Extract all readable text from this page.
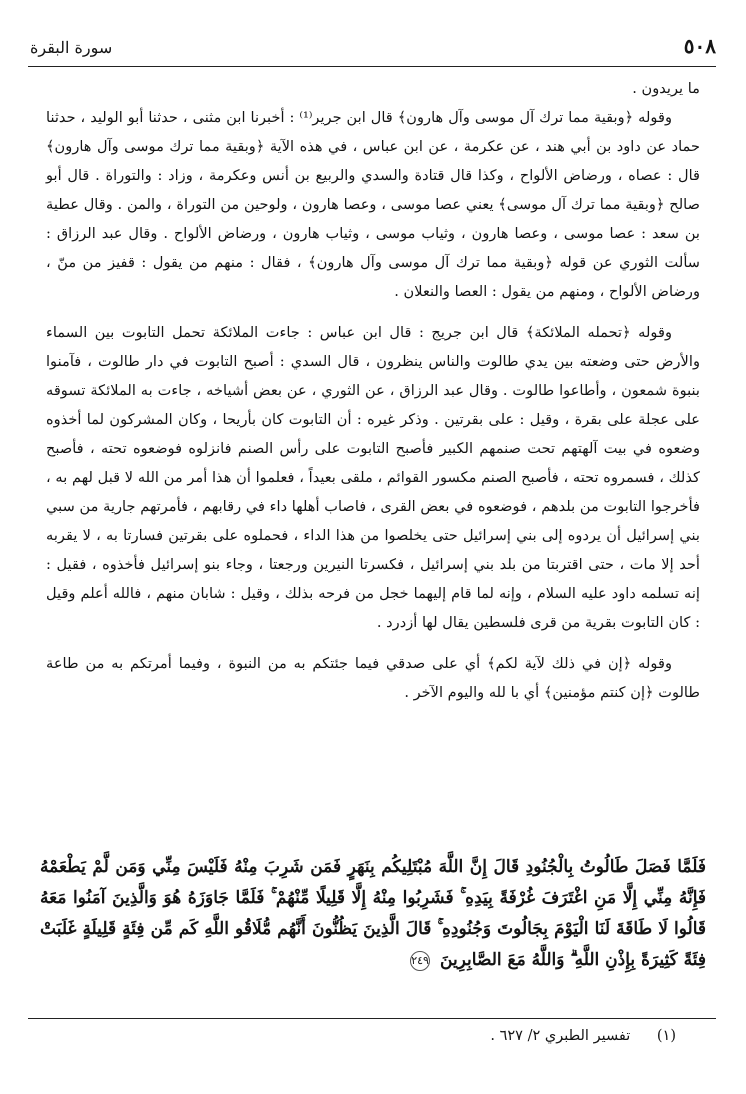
٥٠٨
سورة البقرة

ما يريدون .

وقوله ﴿وبقية مما ترك آل موسى وآل هارون﴾ قال ابن جرير⁽¹⁾ : أخبرنا ابن مثنى ، حدثنا أبو الوليد ، حدثنا حماد عن داود بن أبي هند ، عن عكرمة ، عن ابن عباس ، في هذه الآية ﴿وبقية مما ترك موسى وآل هارون﴾ قال : عصاه ، ورضاض الألواح ، وكذا قال قتادة والسدي والربيع بن أنس وعكرمة ، وزاد : والتوراة . قال أبو صالح ﴿وبقية مما ترك آل موسى﴾ يعني عصا موسى ، وعصا هارون ، ولوحين من التوراة ، والمن . وقال عطية بن سعد : عصا موسى ، وعصا هارون ، وثياب موسى ، وثياب هارون ، ورضاض الألواح . وقال عبد الرزاق : سألت الثوري عن قوله ﴿وبقية مما ترك آل موسى وآل هارون﴾ ، فقال : منهم من يقول : قفيز من منّ ، ورضاض الألواح ، ومنهم من يقول : العصا والنعلان .

وقوله ﴿تحمله الملائكة﴾ قال ابن جريج : قال ابن عباس : جاءت الملائكة تحمل التابوت بين السماء والأرض حتى وضعته بين يدي طالوت والناس ينظرون ، قال السدي : أصبح التابوت في دار طالوت ، فآمنوا بنبوة شمعون ، وأطاعوا طالوت . وقال عبد الرزاق ، عن الثوري ، عن بعض أشياخه ، جاءت به الملائكة تسوقه على عجلة على بقرة ، وقيل : على بقرتين . وذكر غيره : أن التابوت كان بأريحا ، وكان المشركون لما أخذوه وضعوه في بيت آلهتهم تحت صنمهم الكبير فأصبح التابوت على رأس الصنم فانزلوه فوضعوه تحته ، فأصبح كذلك ، فسمروه تحته ، فأصبح الصنم مكسور القوائم ، ملقى بعيداً ، فعلموا أن هذا أمر من الله لا قبل لهم به ، فأخرجوا التابوت من بلدهم ، فوضعوه في بعض القرى ، فاصاب أهلها داء في رقابهم ، فأمرتهم جارية من سبي بني إسرائيل أن يردوه إلى بني إسرائيل حتى يخلصوا من هذا الداء ، فحملوه على بقرتين فسارتا به ، لا يقربه أحد إلا مات ، حتى اقتربتا من بلد بني إسرائيل ، فكسرتا النيرين ورجعتا ، وجاء بنو إسرائيل فأخذوه ، فقيل : إنه تسلمه داود عليه السلام ، وإنه لما قام إليهما خجل من فرحه بذلك ، وقيل : شابان منهم ، فالله أعلم وقيل : كان التابوت بقرية من قرى فلسطين يقال لها أزدرد .

وقوله ﴿إن في ذلك لآية لكم﴾ أي على صدقي فيما جئتكم به من النبوة ، وفيما أمرتكم به من طاعة طالوت ﴿إن كنتم مؤمنين﴾ أي با لله واليوم الآخر .

فَلَمَّا فَصَلَ طَالُوتُ بِالْجُنُودِ قَالَ إِنَّ اللَّهَ مُبْتَلِيكُم بِنَهَرٍ فَمَن شَرِبَ مِنْهُ فَلَيْسَ مِنِّي وَمَن لَّمْ يَطْعَمْهُ فَإِنَّهُ مِنِّي إِلَّا مَنِ اغْتَرَفَ غُرْفَةً بِيَدِهِ ۚ فَشَرِبُوا مِنْهُ إِلَّا قَلِيلًا مِّنْهُمْ ۚ فَلَمَّا جَاوَزَهُ هُوَ وَالَّذِينَ آمَنُوا مَعَهُ قَالُوا لَا طَاقَةَ لَنَا الْيَوْمَ بِجَالُوتَ وَجُنُودِهِ ۚ قَالَ الَّذِينَ يَظُنُّونَ أَنَّهُم مُّلَاقُو اللَّهِ كَم مِّن فِئَةٍ قَلِيلَةٍ غَلَبَتْ فِئَةً كَثِيرَةً بِإِذْنِ اللَّهِ ۗ وَاللَّهُ مَعَ الصَّابِرِينَ ٢٤٩
(١) تفسير الطبري ٢/ ٦٢٧ .
